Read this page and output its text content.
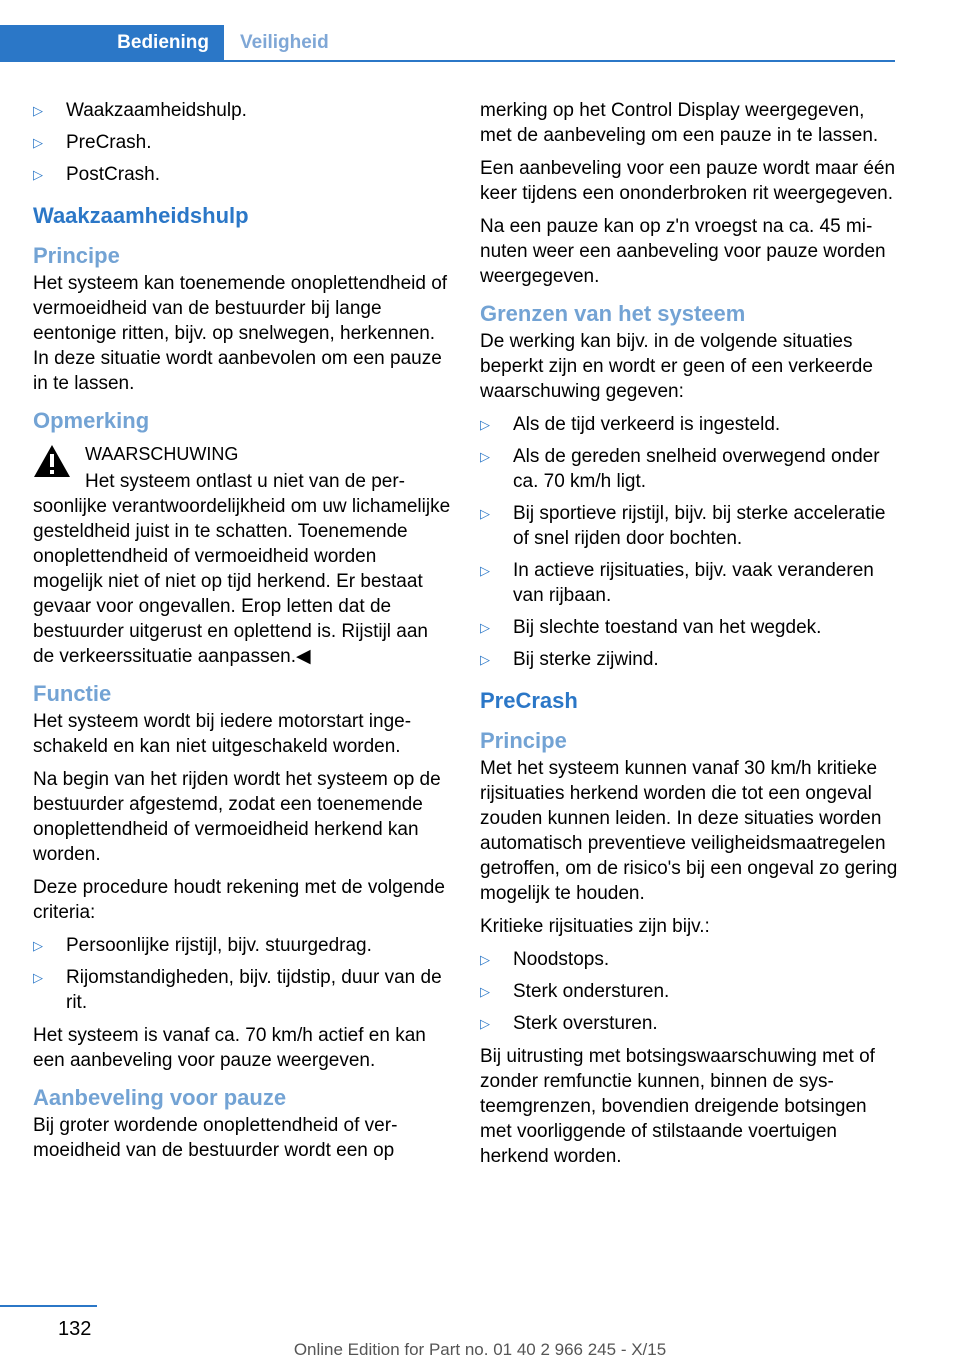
Bediening	Veiligheid
▷ Waakzaamheidshulp.
▷ PreCrash.
▷ PostCrash.
Waakzaamheidshulp
Principe

Het systeem kan toenemende onoplettendheid of vermoeidheid van de bestuurder bij lange eentonige ritten, bijv. op snelwegen, herkennen. In deze situatie wordt aanbevolen om een pauze in te lassen.

Opmerking
WAARSCHUWING

Het systeem ontlast u niet van de persoonlijke verantwoordelijkheid om uw lichamelijke gesteldheid juist in te schatten. Toenemende onoplettendheid of vermoeidheid worden mogelijk niet of niet op tijd herkend. Er bestaat gevaar voor ongevallen. Erop letten dat de bestuurder uitgerust en oplettend is. Rijstijl aan de verkeerssituatie aanpassen.◀

Functie

Het systeem wordt bij iedere motorstart ingeschakeld en kan niet uitgeschakeld worden.

Na begin van het rijden wordt het systeem op de bestuurder afgestemd, zodat een toenemende onoplettendheid of vermoeidheid herkend kan worden.

Deze procedure houdt rekening met de volgende criteria:

▷ Persoonlijke rijstijl, bijv. stuurgedrag.
▷ Rijomstandigheden, bijv. tijdstip, duur van de rit.

Het systeem is vanaf ca. 70 km/h actief en kan een aanbeveling voor pauze weergeven.

Aanbeveling voor pauze

Bij groter wordende onoplettendheid of vermoeidheid van de bestuurder wordt een op

merking op het Control Display weergegeven, met de aanbeveling om een pauze in te lassen.

Een aanbeveling voor een pauze wordt maar één keer tijdens een ononderbroken rit weergegeven.

Na een pauze kan op z'n vroegst na ca. 45 minuten weer een aanbeveling voor pauze worden weergegeven.

Grenzen van het systeem

De werking kan bijv. in de volgende situaties beperkt zijn en wordt er geen of een verkeerde waarschuwing gegeven:

▷ Als de tijd verkeerd is ingesteld.
▷ Als de gereden snelheid overwegend onder ca. 70 km/h ligt.
▷ Bij sportieve rijstijl, bijv. bij sterke acceleratie of snel rijden door bochten.
▷ In actieve rijsituaties, bijv. vaak veranderen van rijbaan.
▷ Bij slechte toestand van het wegdek.
▷ Bij sterke zijwind.
PreCrash
Principe

Met het systeem kunnen vanaf 30 km/h kritieke rijsituaties herkend worden die tot een ongeval zouden kunnen leiden. In deze situaties worden automatisch preventieve veiligheidsmaatregelen getroffen, om de risico's bij een ongeval zo gering mogelijk te houden.

Kritieke rijsituaties zijn bijv.:

▷ Noodstops.
▷ Sterk ondersturen.
▷ Sterk oversturen.

Bij uitrusting met botsingswaarschuwing met of zonder remfunctie kunnen, binnen de systeemgrenzen, bovendien dreigende botsingen met voorliggende of stilstaande voertuigen herkend worden.

132
Online Edition for Part no. 01 40 2 966 245 - X/15
